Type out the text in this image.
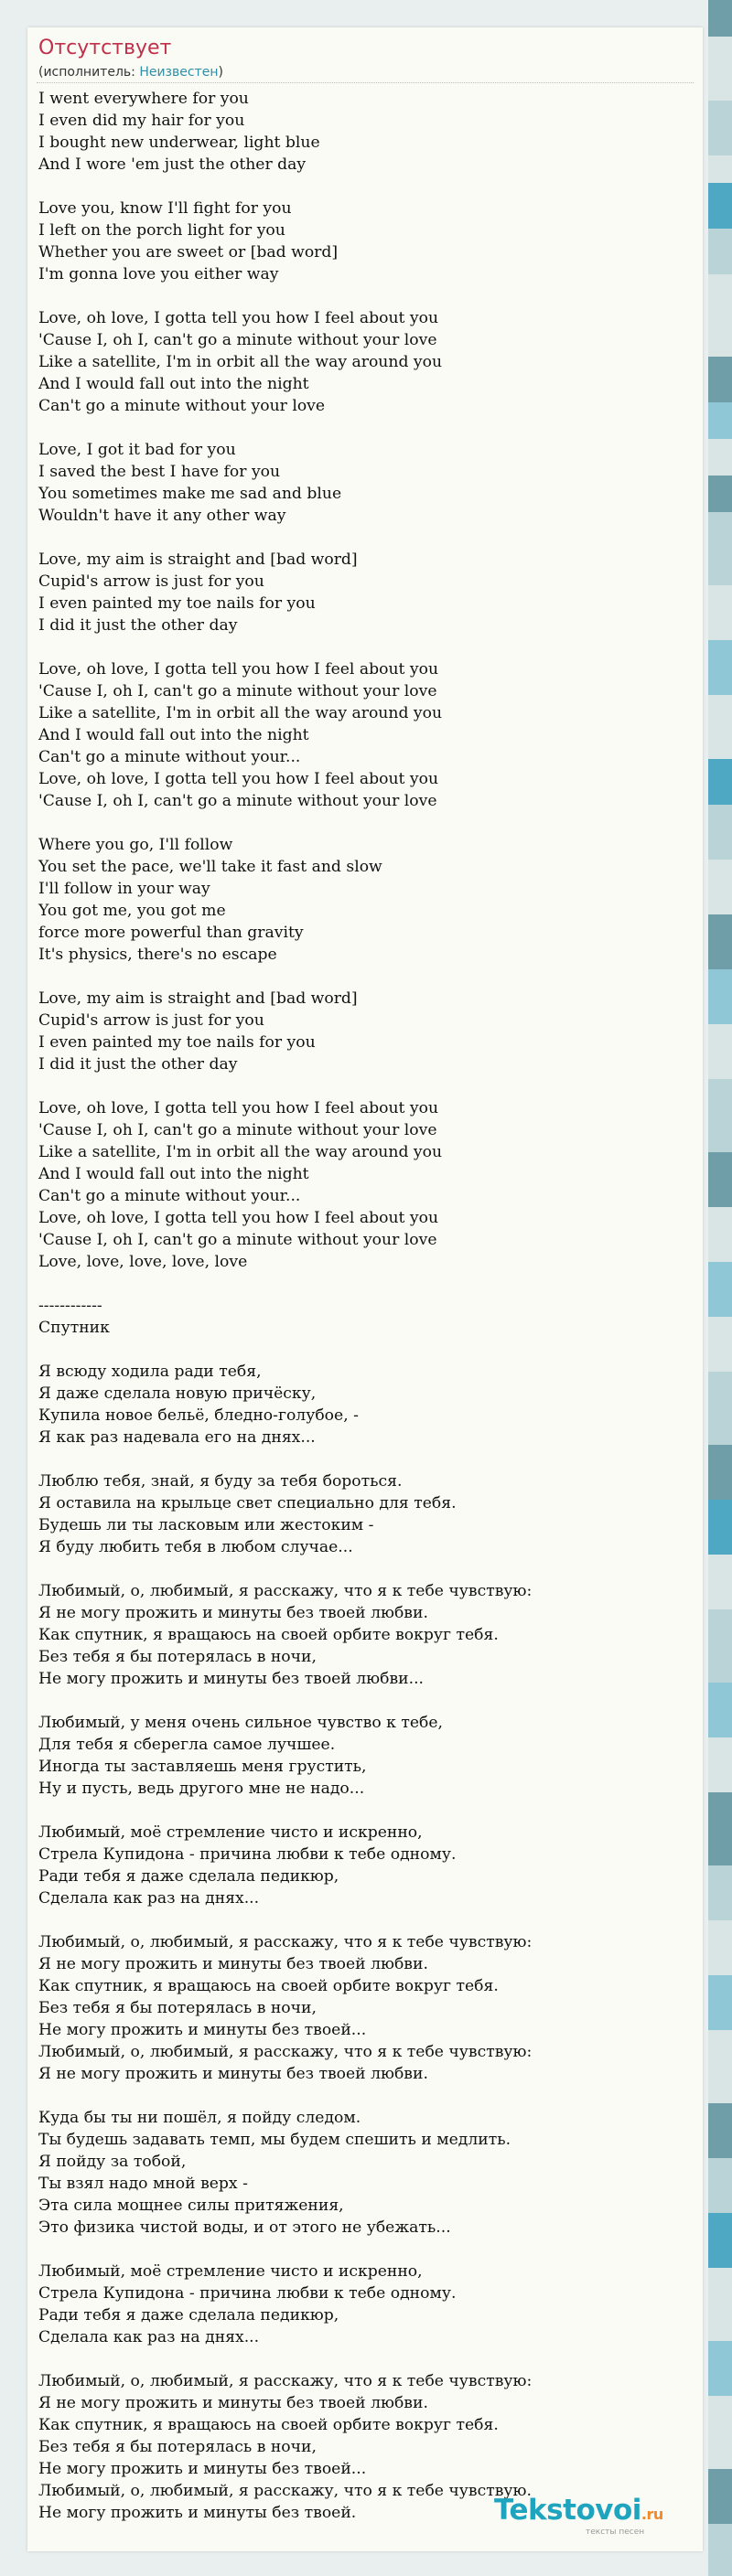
Отсутствует
(исполнитель: Неизвестен)
I went everywhere for you
I even did my hair for you
I bought new underwear, light blue
And I wore 'em just the other day
Love you, know I'll fight for you
I left on the porch light for you
Whether you are sweet or [bad word]
I'm gonna love you either way
Love, oh love, I gotta tell you how I feel about you
'Cause I, oh I, can't go a minute without your love
Like a satellite, I'm in orbit all the way around you
And I would fall out into the night
Can't go a minute without your love
Love, I got it bad for you
I saved the best I have for you
You sometimes make me sad and blue
Wouldn't have it any other way
Love, my aim is straight and [bad word]
Cupid's arrow is just for you
I even painted my toe nails for you
I did it just the other day
Love, oh love, I gotta tell you how I feel about you
'Cause I, oh I, can't go a minute without your love
Like a satellite, I'm in orbit all the way around you
And I would fall out into the night
Can't go a minute without your...
Love, oh love, I gotta tell you how I feel about you
'Cause I, oh I, can't go a minute without your love
Where you go, I'll follow
You set the pace, we'll take it fast and slow
I'll follow in your way
You got me, you got me
force more powerful than gravity
It's physics, there's no escape
Love, my aim is straight and [bad word]
Cupid's arrow is just for you
I even painted my toe nails for you
I did it just the other day
Love, oh love, I gotta tell you how I feel about you
'Cause I, oh I, can't go a minute without your love
Like a satellite, I'm in orbit all the way around you
And I would fall out into the night
Can't go a minute without your...
Love, oh love, I gotta tell you how I feel about you
'Cause I, oh I, can't go a minute without your love
Love, love, love, love, love
------------
Спутник
Я всюду ходила ради тебя,
Я даже сделала новую причёску,
Купила новое бельё, бледно-голубое, -
Я как раз надевала его на днях...
Люблю тебя, знай, я буду за тебя бороться.
Я оставила на крыльце свет специально для тебя.
Будешь ли ты ласковым или жестоким -
Я буду любить тебя в любом случае...
Любимый, о, любимый, я расскажу, что я к тебе чувствую:
Я не могу прожить и минуты без твоей любви.
Как спутник, я вращаюсь на своей орбите вокруг тебя.
Без тебя я бы потерялась в ночи,
Не могу прожить и минуты без твоей любви...
Любимый, у меня очень сильное чувство к тебе,
Для тебя я сберегла самое лучшее.
Иногда ты заставляешь меня грустить,
Ну и пусть, ведь другого мне не надо...
Любимый, моё стремление чисто и искренно,
Стрела Купидона - причина любви к тебе одному.
Ради тебя я даже сделала педикюр,
Сделала как раз на днях...
Любимый, о, любимый, я расскажу, что я к тебе чувствую:
Я не могу прожить и минуты без твоей любви.
Как спутник, я вращаюсь на своей орбите вокруг тебя.
Без тебя я бы потерялась в ночи,
Не могу прожить и минуты без твоей...
Любимый, о, любимый, я расскажу, что я к тебе чувствую:
Я не могу прожить и минуты без твоей любви.
Куда бы ты ни пошёл, я пойду следом.
Ты будешь задавать темп, мы будем спешить и медлить.
Я пойду за тобой,
Ты взял надо мной верх -
Эта сила мощнее силы притяжения,
Это физика чистой воды, и от этого не убежать...
Любимый, моё стремление чисто и искренно,
Стрела Купидона - причина любви к тебе одному.
Ради тебя я даже сделала педикюр,
Сделала как раз на днях...
Любимый, о, любимый, я расскажу, что я к тебе чувствую:
Я не могу прожить и минуты без твоей любви.
Как спутник, я вращаюсь на своей орбите вокруг тебя.
Без тебя я бы потерялась в ночи,
Не могу прожить и минуты без твоей...
Любимый, о, любимый, я расскажу, что я к тебе чувствую.
Не могу прожить и минуты без твоей.	Tekstovoi.ru
тексты песен
